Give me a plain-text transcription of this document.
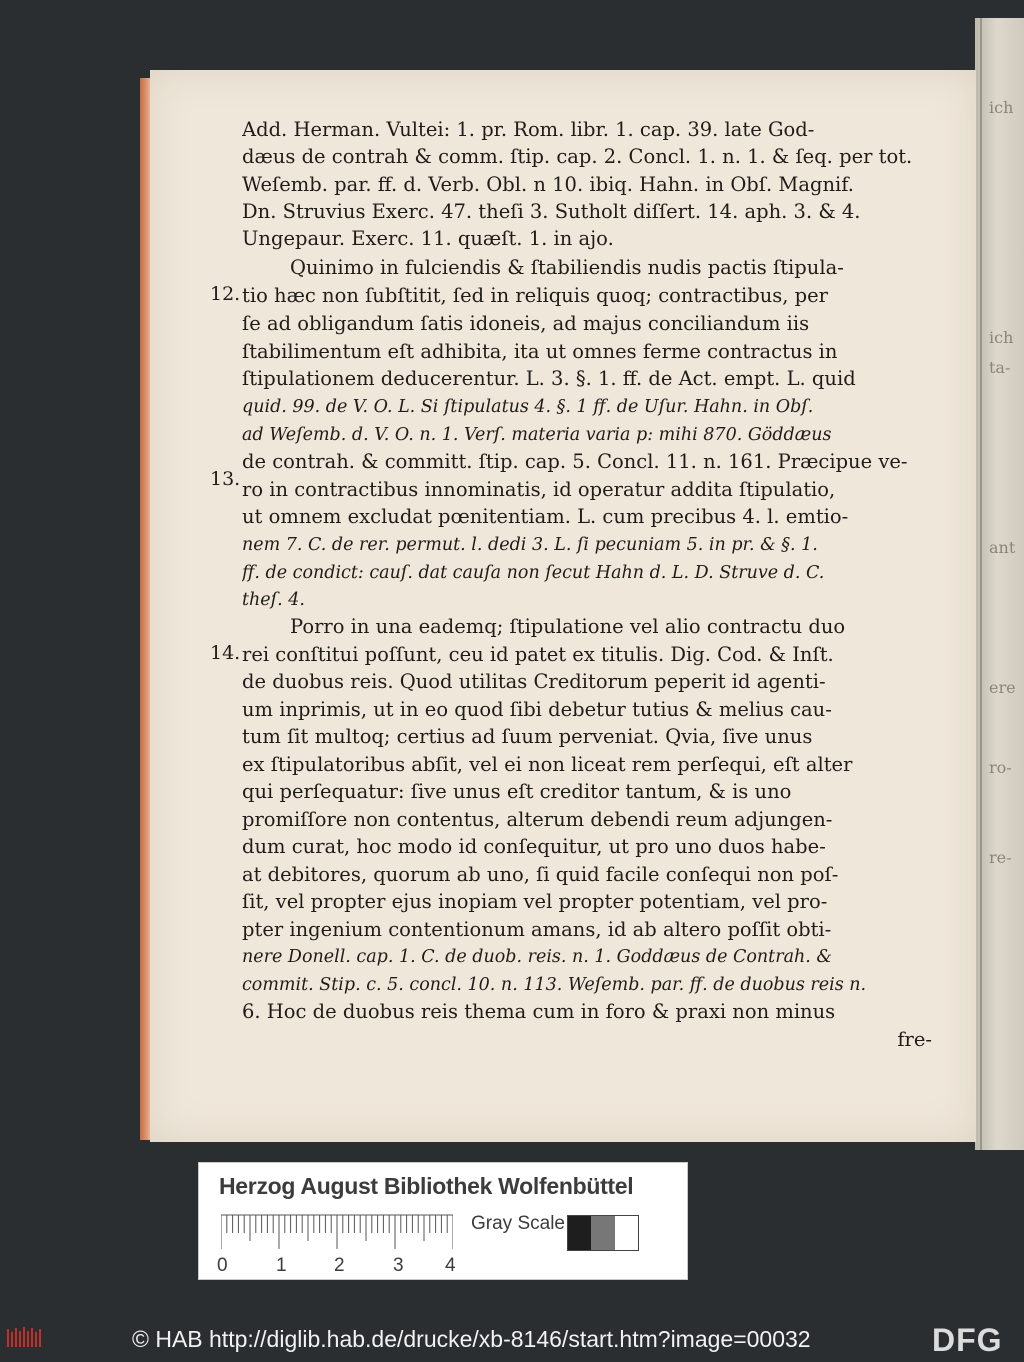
ich
ich
ta-
ant
ere
ro-
re-
Add. Herman. Vultei: 1. pr. Rom. libr. 1. cap. 39. late God-
dæus de contrah & comm. ſtip. cap. 2. Concl. 1. n. 1. & ſeq. per tot.
Weſemb. par. ff. d. Verb. Obl. n 10. ibiq. Hahn. in Obſ. Magnif.
Dn. Struvius Exerc. 47. theſi 3. Sutholt diſſert. 14. aph. 3. & 4.
Ungepaur. Exerc. 11. quæſt. 1. in ajo.
Quinimo in fulciendis & ſtabiliendis nudis pactis ſtipula-
tio hæc non ſubſtitit, ſed in reliquis quoq; contractibus, per
ſe ad obligandum ſatis idoneis, ad majus conciliandum iis
ſtabilimentum eſt adhibita, ita ut omnes ferme contractus in
ſtipulationem deducerentur. L. 3. §. 1. ff. de Act. empt. L. quid
quid. 99. de V. O. L. Si ſtipulatus 4. §. 1 ff. de Uſur. Hahn. in Obſ.
ad Weſemb. d. V. O. n. 1. Verſ. materia varia p: mihi 870. Göddæus
de contrah. & committ. ſtip. cap. 5. Concl. 11. n. 161. Præcipue ve-
ro in contractibus innominatis, id operatur addita ſtipulatio,
ut omnem excludat pœnitentiam. L. cum precibus 4. l. emtio-
nem 7. C. de rer. permut. l. dedi 3. L. ſi pecuniam 5. in pr. & §. 1.
ff. de condict: cauſ. dat cauſa non ſecut Hahn d. L. D. Struve d. C.
theſ. 4.
Porro in una eademq; ſtipulatione vel alio contractu duo
rei conſtitui poſſunt, ceu id patet ex titulis. Dig. Cod. & Inſt.
de duobus reis. Quod utilitas Creditorum peperit id agenti-
um inprimis, ut in eo quod ſibi debetur tutius & melius cau-
tum ſit multoq; certius ad ſuum perveniat. Qvia, ſive unus
ex ſtipulatoribus abſit, vel ei non liceat rem perſequi, eſt alter
qui perſequatur: ſive unus eſt creditor tantum, & is uno
promiſſore non contentus, alterum debendi reum adjungen-
dum curat, hoc modo id conſequitur, ut pro uno duos habe-
at debitores, quorum ab uno, ſi quid facile conſequi non poſ-
ſit, vel propter ejus inopiam vel propter potentiam, vel pro-
pter ingenium contentionum amans, id ab altero poſſit obti-
nere Donell. cap. 1. C. de duob. reis. n. 1. Goddæus de Contrah. &
commit. Stip. c. 5. concl. 10. n. 113. Weſemb. par. ff. de duobus reis n.
6. Hoc de duobus reis thema cum in foro & praxi non minus
fre-
12.
13.
14.
Herzog August Bibliothek Wolfenbüttel
Gray Scale
0	1 2	3 4
© HAB http://diglib.hab.de/drucke/xb-8146/start.htm?image=00032	DFG
